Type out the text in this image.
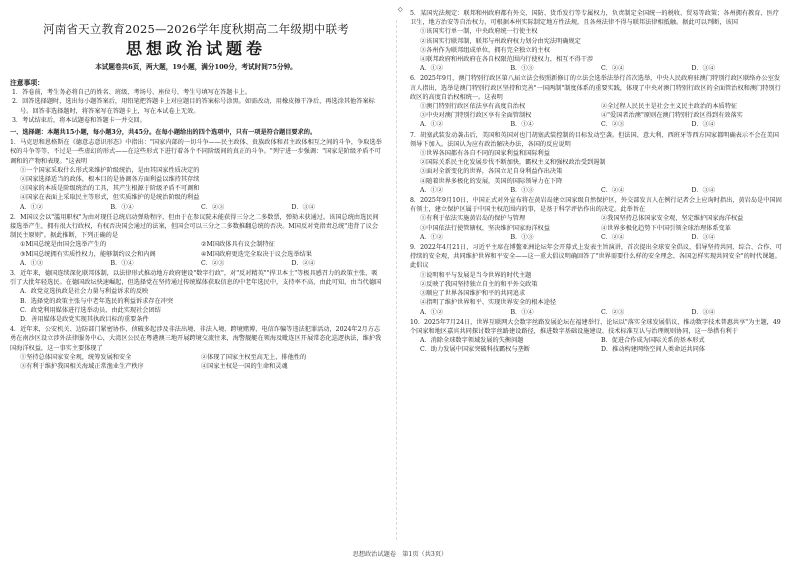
河南省天立教育2025—2026学年度秋期高二年级期中联考
思想政治试题卷
本试题卷共6页，两大题，19小题，满分100分，考试时间75分钟。
注意事项：
1．答卷前，考生务必将自己的姓名、班级、考场号、座位号、考生号填写在答题卡上。
2．回答选择题时，选出每小题答案后，用铅笔把答题卡上对应题目的答案标号涂黑。如需改动，用橡皮擦干净后，再选涂其他答案标号。回答非选择题时，将答案写在答题卡上，写在本试卷上无效。
3．考试结束后，将本试题卷和答题卡一并交回。
一、选择题：本题共15小题，每小题3分，共45分。在每小题给出的四个选项中，只有一项是符合题目要求的。
1．马克思和恩格斯在《德意志意识形态》中指出："国家内部的一切斗争——民主政体、贵族政体和君主政体相互之间的斗争，争取选举权的斗争等等，不过是一些虚幻的形式——在这些形式下进行着各个不同阶级间的真正的斗争。"列宁进一步强调："国家是阶级矛盾不可调和的产物和表现。"这表明
①一个国家采取什么形式来维护阶级统治，是由其国家性质决定的
②国家选择适当的政体，根本目的是协调各方面利益以维持其存续
③国家的本质是阶级统治的工具，其产生根源于阶级矛盾不可调和
④国家在表面上采取民主等形式，但实质维护的是统治阶级的利益
A．①②	B．①④	C．②③	D．③④
2．M国议会以"滥用职权"为由对现任总统启动弹劾程序，但由于在参议院未能获得三分之二多数票，弹劾未获通过。该国总统由选民间接选举产生，拥有很大行政权，有权否决国会通过的法案，但国会可以三分之二多数推翻总统的否决。M国反对党指责总统"违背了议会制民主原则"。据此推断，下列正确的是
①M国总统是由国会选举产生的	②M国政体具有议会制特征
③M国总统拥有实质性权力，能够制约议会和内阁	④M国政府更迭完全取决于议会选举结果
A．①③	B．①④	C．②③	D．②④
3．近年来，德国连续深化联邦体制，以法律形式推动地方政府建设"数字行政"，对"反对精英""捍卫本土"等极具感召力的政策主张，吸引了大批年轻选民。在德国政坛快速崛起，但选择党在坚持通过传统媒体获取信息的中老年选民中，支持率不高，由此可知，由当代德国
A．政党竞选执政是社会力量与利益诉求的反映
B．选择党的政策主张与中老年选民的利益诉求存在冲突
C．政党利用媒体进行选举动员，由此实现社会团结
D．善用媒体是政党实现其执政目标的重要条件
4．近年来，公安机关、边防部门紧密协作，侦破多起涉及非法出境、非法入境、跨境赌博、电信诈骗等违法犯罪活动，2024年2月方志勇在南沙区设立涉外法律服务中心，大湾区公民在粤港澳三地开展跨境交流往来，海警舰艇在领海及毗连区开展常态化巡逻执法，维护我国海洋权益，这一事实主要体现了
①坚持总体国家安全观，统筹发展和安全	②体现了国家主权至高无上，排他性的
③有利于维护我国相关海域正常渔业生产秩序	④国家主权是一国的生命和灵魂
◇
5．某国宪法规定：联邦和州政府都有外交、国防、货币发行等专属权力，负责制定全国统一的税收、贸易等政策；各州拥有教育、医疗卫生，地方治安等自治权力，可根据本州实际制定地方性法规，且各州法律不得与联邦法律相抵触。据此可以判断，该国
①该国实行单一制，中央政府统一行使主权
②该国实行联邦制，联邦与州政府权力划分由宪法明确规定
③各州作为联邦组成单位，拥有完全独立的主权
④联邦政府和州政府在各自权限范围内行使权力，相互不得干涉
A．①②	B．①③	C．②④	D．③④
6．2025年9月，澳门特别行政区第八届立法会按照新修订的立法会选举法举行首次选举，中央人民政府驻澳门特别行政区联络办公室发言人指出，选举是澳门特别行政区坚持和完善"一国两制"制度体系的重要实践，体现了中央对澳门特别行政区的全面管治权和澳门特别行政区的高度自治权相统一。这表明
①澳门特别行政区依法享有高度自治权	②全过程人民民主是社会主义民主政治的本质特征
③中央对澳门特别行政区享有全面管制权	④"爱国者治澳"原则在澳门特别行政区得到有效落实
A．①②	B．①④	C．②③	D．③④
7．胡塞武装发动袭击后，美国和英国对也门胡塞武装控制的目标发动空袭。但法国、意大利、西班牙等西方国家都明确表示不会在美国领导下加入。法国认为应有政治解决办法，各国的反应说明
①世界各国都有各自不同的国家利益和国际利益
②国际关系民主化发展步伐不断加快，霸权主义和强权政治受到遏制
③面对全新变化的世界，各国立足自身利益作出决策
④随着世界多极化的发展，美国的国际领导力在下降
A．①②	B．①③	C．②④	D．③④
8．2025年9月10日，中国正式对外宣布将在黄岩岛建立国家级自然保护区，外交部发言人在例行记者会上应询时指出，黄岩岛是中国固有领土，建立保护区属于中国主权范围内的事，是基于科学评估作出的决定。此举旨在
①有利于依法实施黄岩岛的保护与管理	②我国坚持总体国家安全观，坚定维护国家海洋权益
③中国依法行使管辖权，坚决维护国家海洋权益	④世界多极化趋势下中国引领全球治理体系变革
A．①②	B．①③	C．②④	D．③④
9．2022年4月21日，习近平主席在博鳌亚洲论坛年会开幕式上发表主旨演讲，首次提出全球安全倡议，倡导坚持共同、综合、合作、可持续的安全观，共同维护世界和平安全——这一重大倡议明确回答了"世界需要什么样的安全理念、各国怎样实现共同安全"的时代课题。此倡议
①说明和平与发展是当今世界的时代主题
②反映了我国坚持独立自主的和平外交政策
③顺应了世界各国维护和平的共同追求
④指明了维护世界和平、实现世界安全的根本途径
A．①②	B．①④	C．②③	D．③④
10．2025年7月24日，世界互联网大会数字丝路发展论坛在福建举行，论坛以"落实全球发展倡议，推动数字技术普惠共享"为主题，49个国家和地区嘉宾共同探讨数字丝路建设路径，推进数字基础设施建设、技术标准互认与治理规则协同，这一举措有利于
A．消除全球数字领域发展的失衡问题	B．促进合作成为国际关系的基本形式
C．助力发展中国家突破科技霸权与垄断	D．推动构建网络空间人类命运共同体
思想政治试题卷　第1页（共3页）
